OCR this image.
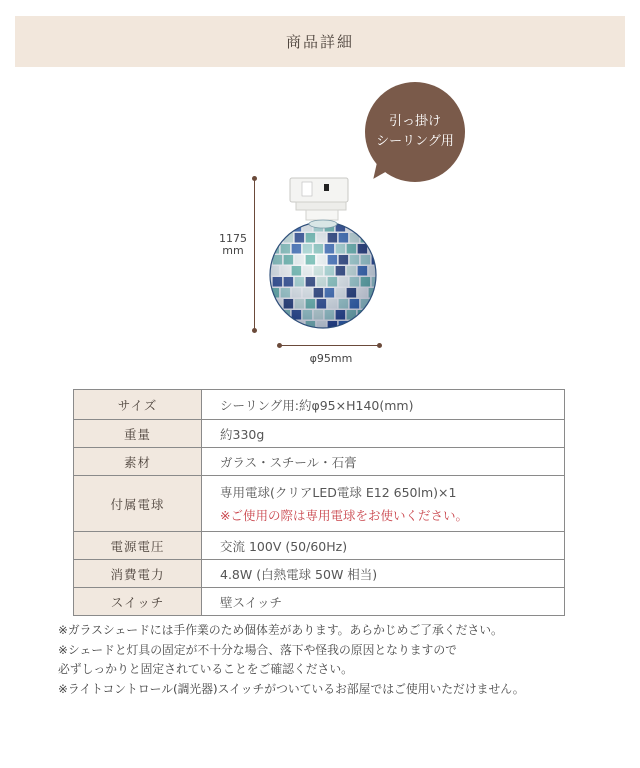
商品詳細
引っ掛け
シーリング用
1175
mm
φ95mm
サイズ	シーリング用:約φ95×H140(mm)
重量	約330g
素材	ガラス・スチール・石膏
付属電球	専用電球(クリアLED電球 E12 650lm)×1
※ご使用の際は専用電球をお使いください。

電源電圧	交流 100V (50/60Hz)
消費電力	4.8W (白熱電球 50W 相当)
スイッチ	壁スイッチ
※ガラスシェードには手作業のため個体差があります。あらかじめご了承ください。
※シェードと灯具の固定が不十分な場合、落下や怪我の原因となりますので
必ずしっかりと固定されていることをご確認ください。
※ライトコントロール(調光器)スイッチがついているお部屋ではご使用いただけません。
